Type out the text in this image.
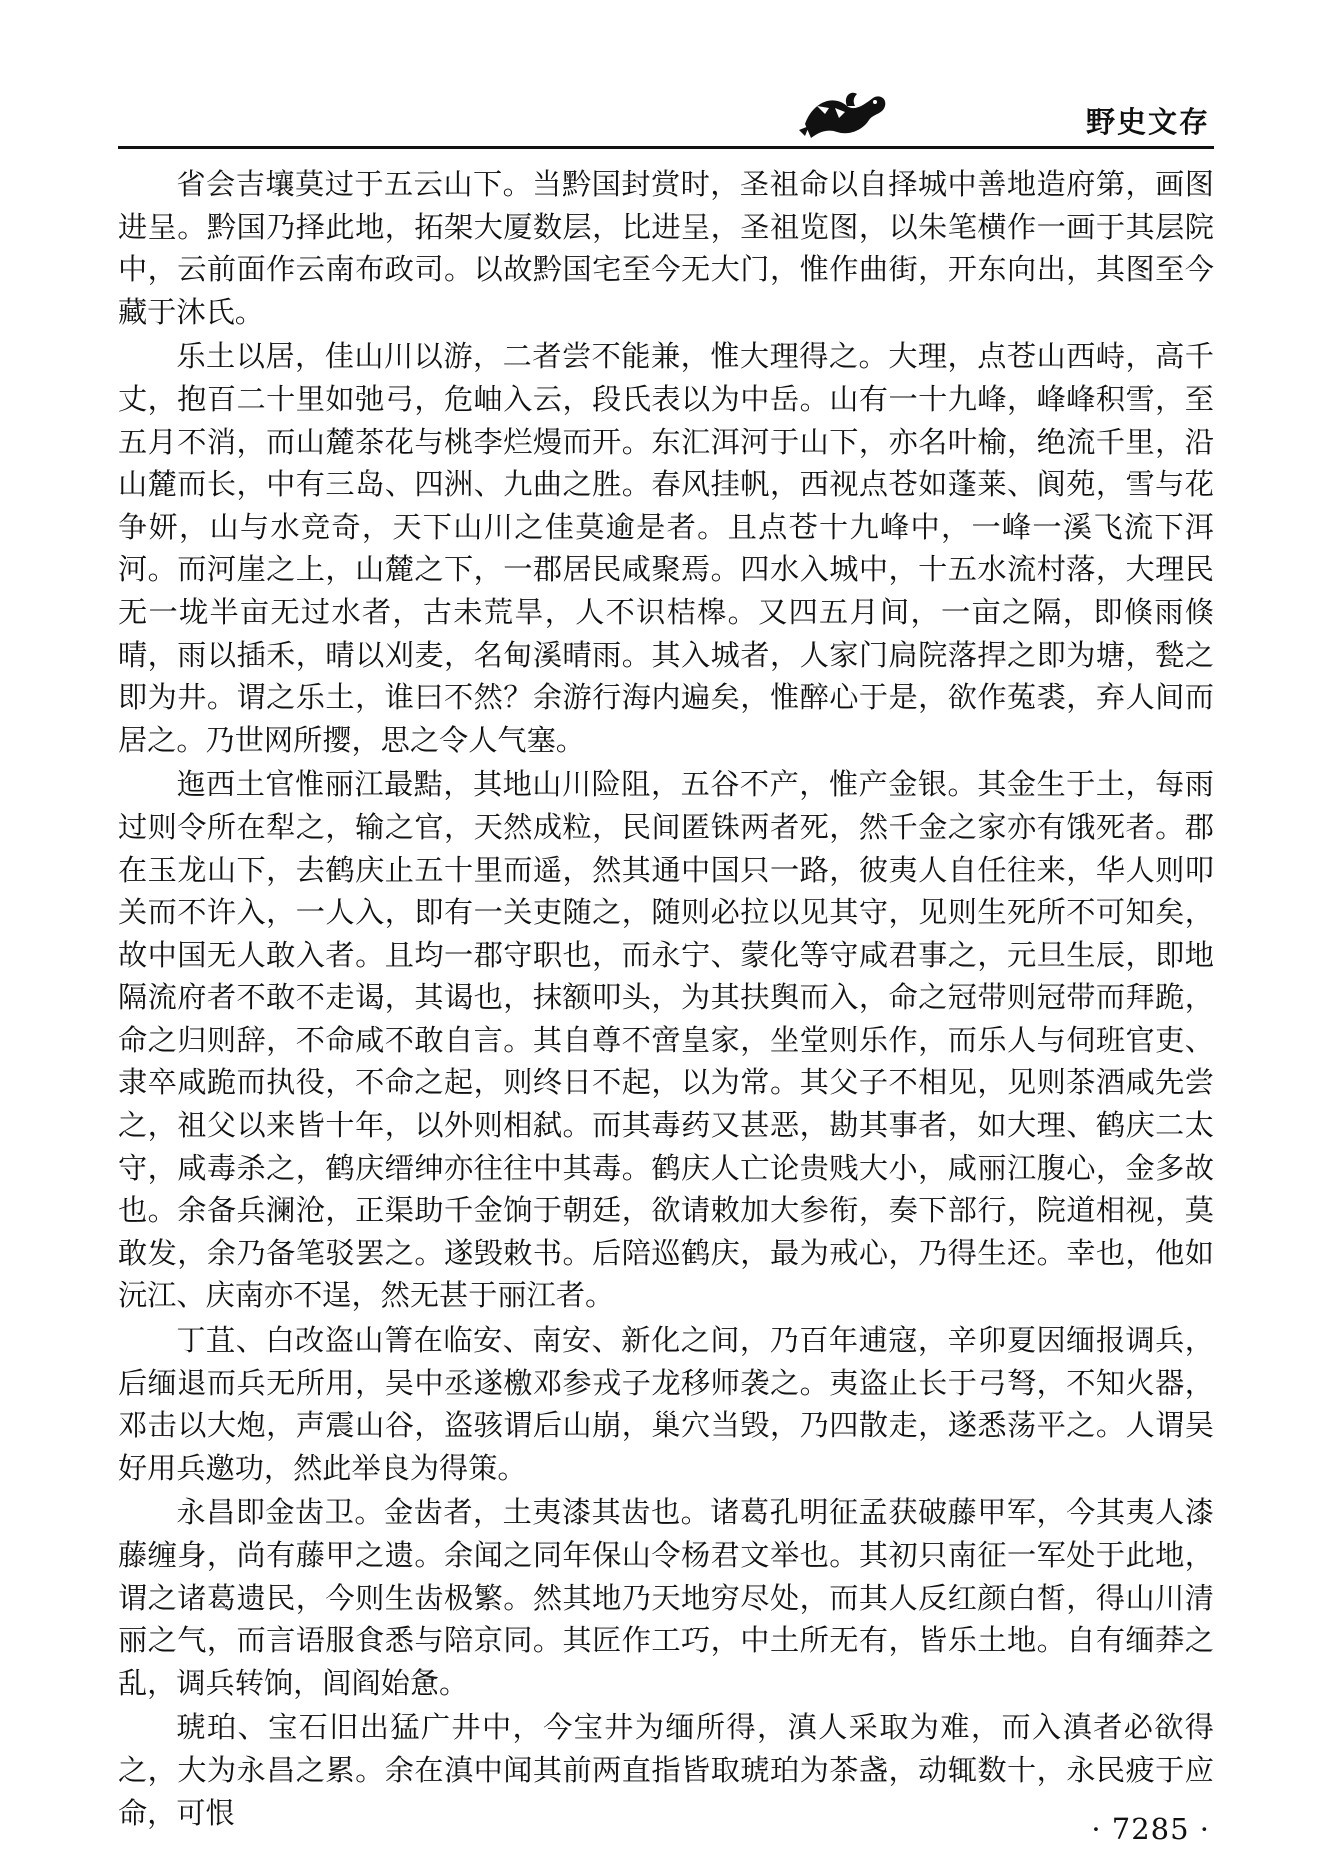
野史文存

省会吉壤莫过于五云山下。当黔国封赏时，圣祖命以自择城中善地造府第，画图进呈。黔国乃择此地，拓架大厦数层，比进呈，圣祖览图，以朱笔横作一画于其层院中，云前面作云南布政司。以故黔国宅至今无大门，惟作曲街，开东向出，其图至今藏于沐氏。

乐土以居，佳山川以游，二者尝不能兼，惟大理得之。大理，点苍山西峙，高千丈，抱百二十里如弛弓，危岫入云，段氏表以为中岳。山有一十九峰，峰峰积雪，至五月不消，而山麓茶花与桃李烂熳而开。东汇洱河于山下，亦名叶榆，绝流千里，沿山麓而长，中有三岛、四洲、九曲之胜。春风挂帆，西视点苍如蓬莱、阆苑，雪与花争妍，山与水竞奇，天下山川之佳莫逾是者。且点苍十九峰中，一峰一溪飞流下洱河。而河崖之上，山麓之下，一郡居民咸聚焉。四水入城中，十五水流村落，大理民无一垅半亩无过水者，古未荒旱，人不识桔槔。又四五月间，一亩之隔，即倏雨倏晴，雨以插禾，晴以刈麦，名甸溪晴雨。其入城者，人家门扃院落捍之即为塘，甃之即为井。谓之乐土，谁曰不然？余游行海内遍矣，惟醉心于是，欲作菟裘，弃人间而居之。乃世网所撄，思之令人气塞。

迤西土官惟丽江最黠，其地山川险阻，五谷不产，惟产金银。其金生于土，每雨过则令所在犁之，输之官，天然成粒，民间匿铢两者死，然千金之家亦有饿死者。郡在玉龙山下，去鹤庆止五十里而遥，然其通中国只一路，彼夷人自任往来，华人则叩关而不许入，一人入，即有一关吏随之，随则必拉以见其守，见则生死所不可知矣，故中国无人敢入者。且均一郡守职也，而永宁、蒙化等守咸君事之，元旦生辰，即地隔流府者不敢不走谒，其谒也，抹额叩头，为其扶舆而入，命之冠带则冠带而拜跪，命之归则辞，不命咸不敢自言。其自尊不啻皇家，坐堂则乐作，而乐人与伺班官吏、隶卒咸跪而执役，不命之起，则终日不起，以为常。其父子不相见，见则茶酒咸先尝之，祖父以来皆十年，以外则相弑。而其毒药又甚恶，勘其事者，如大理、鹤庆二太守，咸毒杀之，鹤庆缙绅亦往往中其毒。鹤庆人亡论贵贱大小，咸丽江腹心，金多故也。余备兵澜沧，正渠助千金饷于朝廷，欲请敕加大参衔，奏下部行，院道相视，莫敢发，余乃备笔驳罢之。遂毁敕书。后陪巡鹤庆，最为戒心，乃得生还。幸也，他如沅江、庆南亦不逞，然无甚于丽江者。

丁苴、白改盗山箐在临安、南安、新化之间，乃百年逋寇，辛卯夏因缅报调兵，后缅退而兵无所用，吴中丞遂檄邓参戎子龙移师袭之。夷盗止长于弓弩，不知火器，邓击以大炮，声震山谷，盗骇谓后山崩，巢穴当毁，乃四散走，遂悉荡平之。人谓吴好用兵邀功，然此举良为得策。

永昌即金齿卫。金齿者，土夷漆其齿也。诸葛孔明征孟获破藤甲军，今其夷人漆藤缠身，尚有藤甲之遗。余闻之同年保山令杨君文举也。其初只南征一军处于此地，谓之诸葛遗民，今则生齿极繁。然其地乃天地穷尽处，而其人反红颜白皙，得山川清丽之气，而言语服食悉与陪京同。其匠作工巧，中土所无有，皆乐土地。自有缅莽之乱，调兵转饷，闾阎始惫。

琥珀、宝石旧出猛广井中，今宝井为缅所得，滇人采取为难，而入滇者必欲得之，大为永昌之累。余在滇中闻其前两直指皆取琥珀为茶盏，动辄数十，永民疲于应命，可恨	· 7285 ·
